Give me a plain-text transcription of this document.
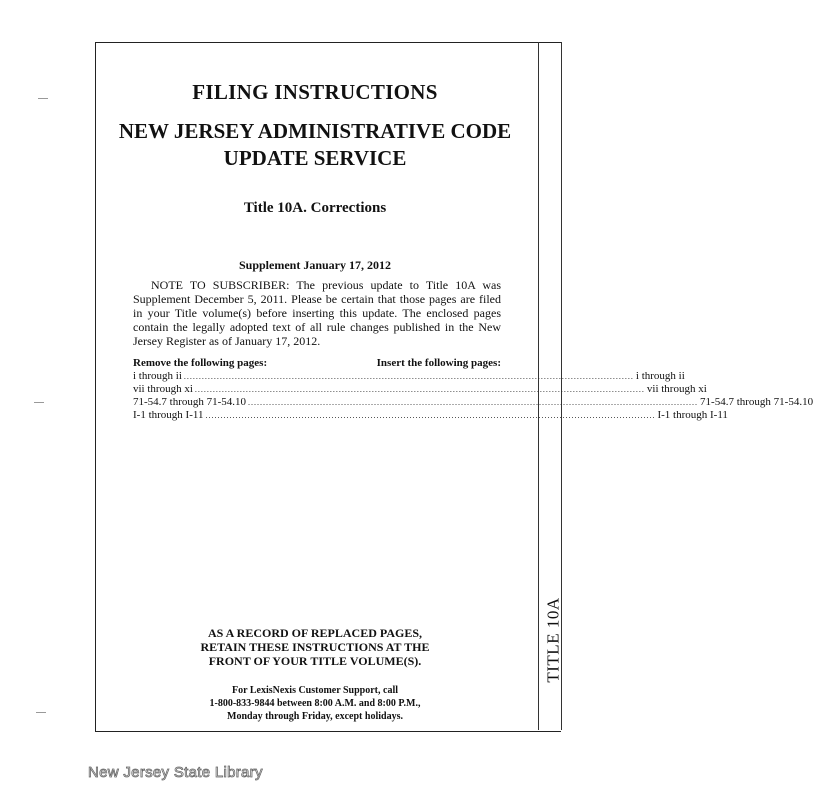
TITLE 10A
FILING INSTRUCTIONS
NEW JERSEY ADMINISTRATIVE CODE
UPDATE SERVICE
Title 10A. Corrections
Supplement January 17, 2012
NOTE TO SUBSCRIBER: The previous update to Title 10A was Supplement December 5, 2011. Please be certain that those pages are filed in your Title volume(s) before inserting this update. The enclosed pages contain the legally adopted text of all rule changes published in the New Jersey Register as of January 17, 2012.
Remove the following pages:	Insert the following pages:
i through ii ...................................................................................................................................................... i through ii
vii through xi ...................................................................................................................................................... vii through xi
71-54.7 through 71-54.10 ...................................................................................................................................................... 71-54.7 through 71-54.10
I-1 through I-11 ...................................................................................................................................................... I-1 through I-11
AS A RECORD OF REPLACED PAGES,
RETAIN THESE INSTRUCTIONS AT THE
FRONT OF YOUR TITLE VOLUME(S).
For LexisNexis Customer Support, call
1-800-833-9844 between 8:00 A.M. and 8:00 P.M.,
Monday through Friday, except holidays.
New Jersey State Library
